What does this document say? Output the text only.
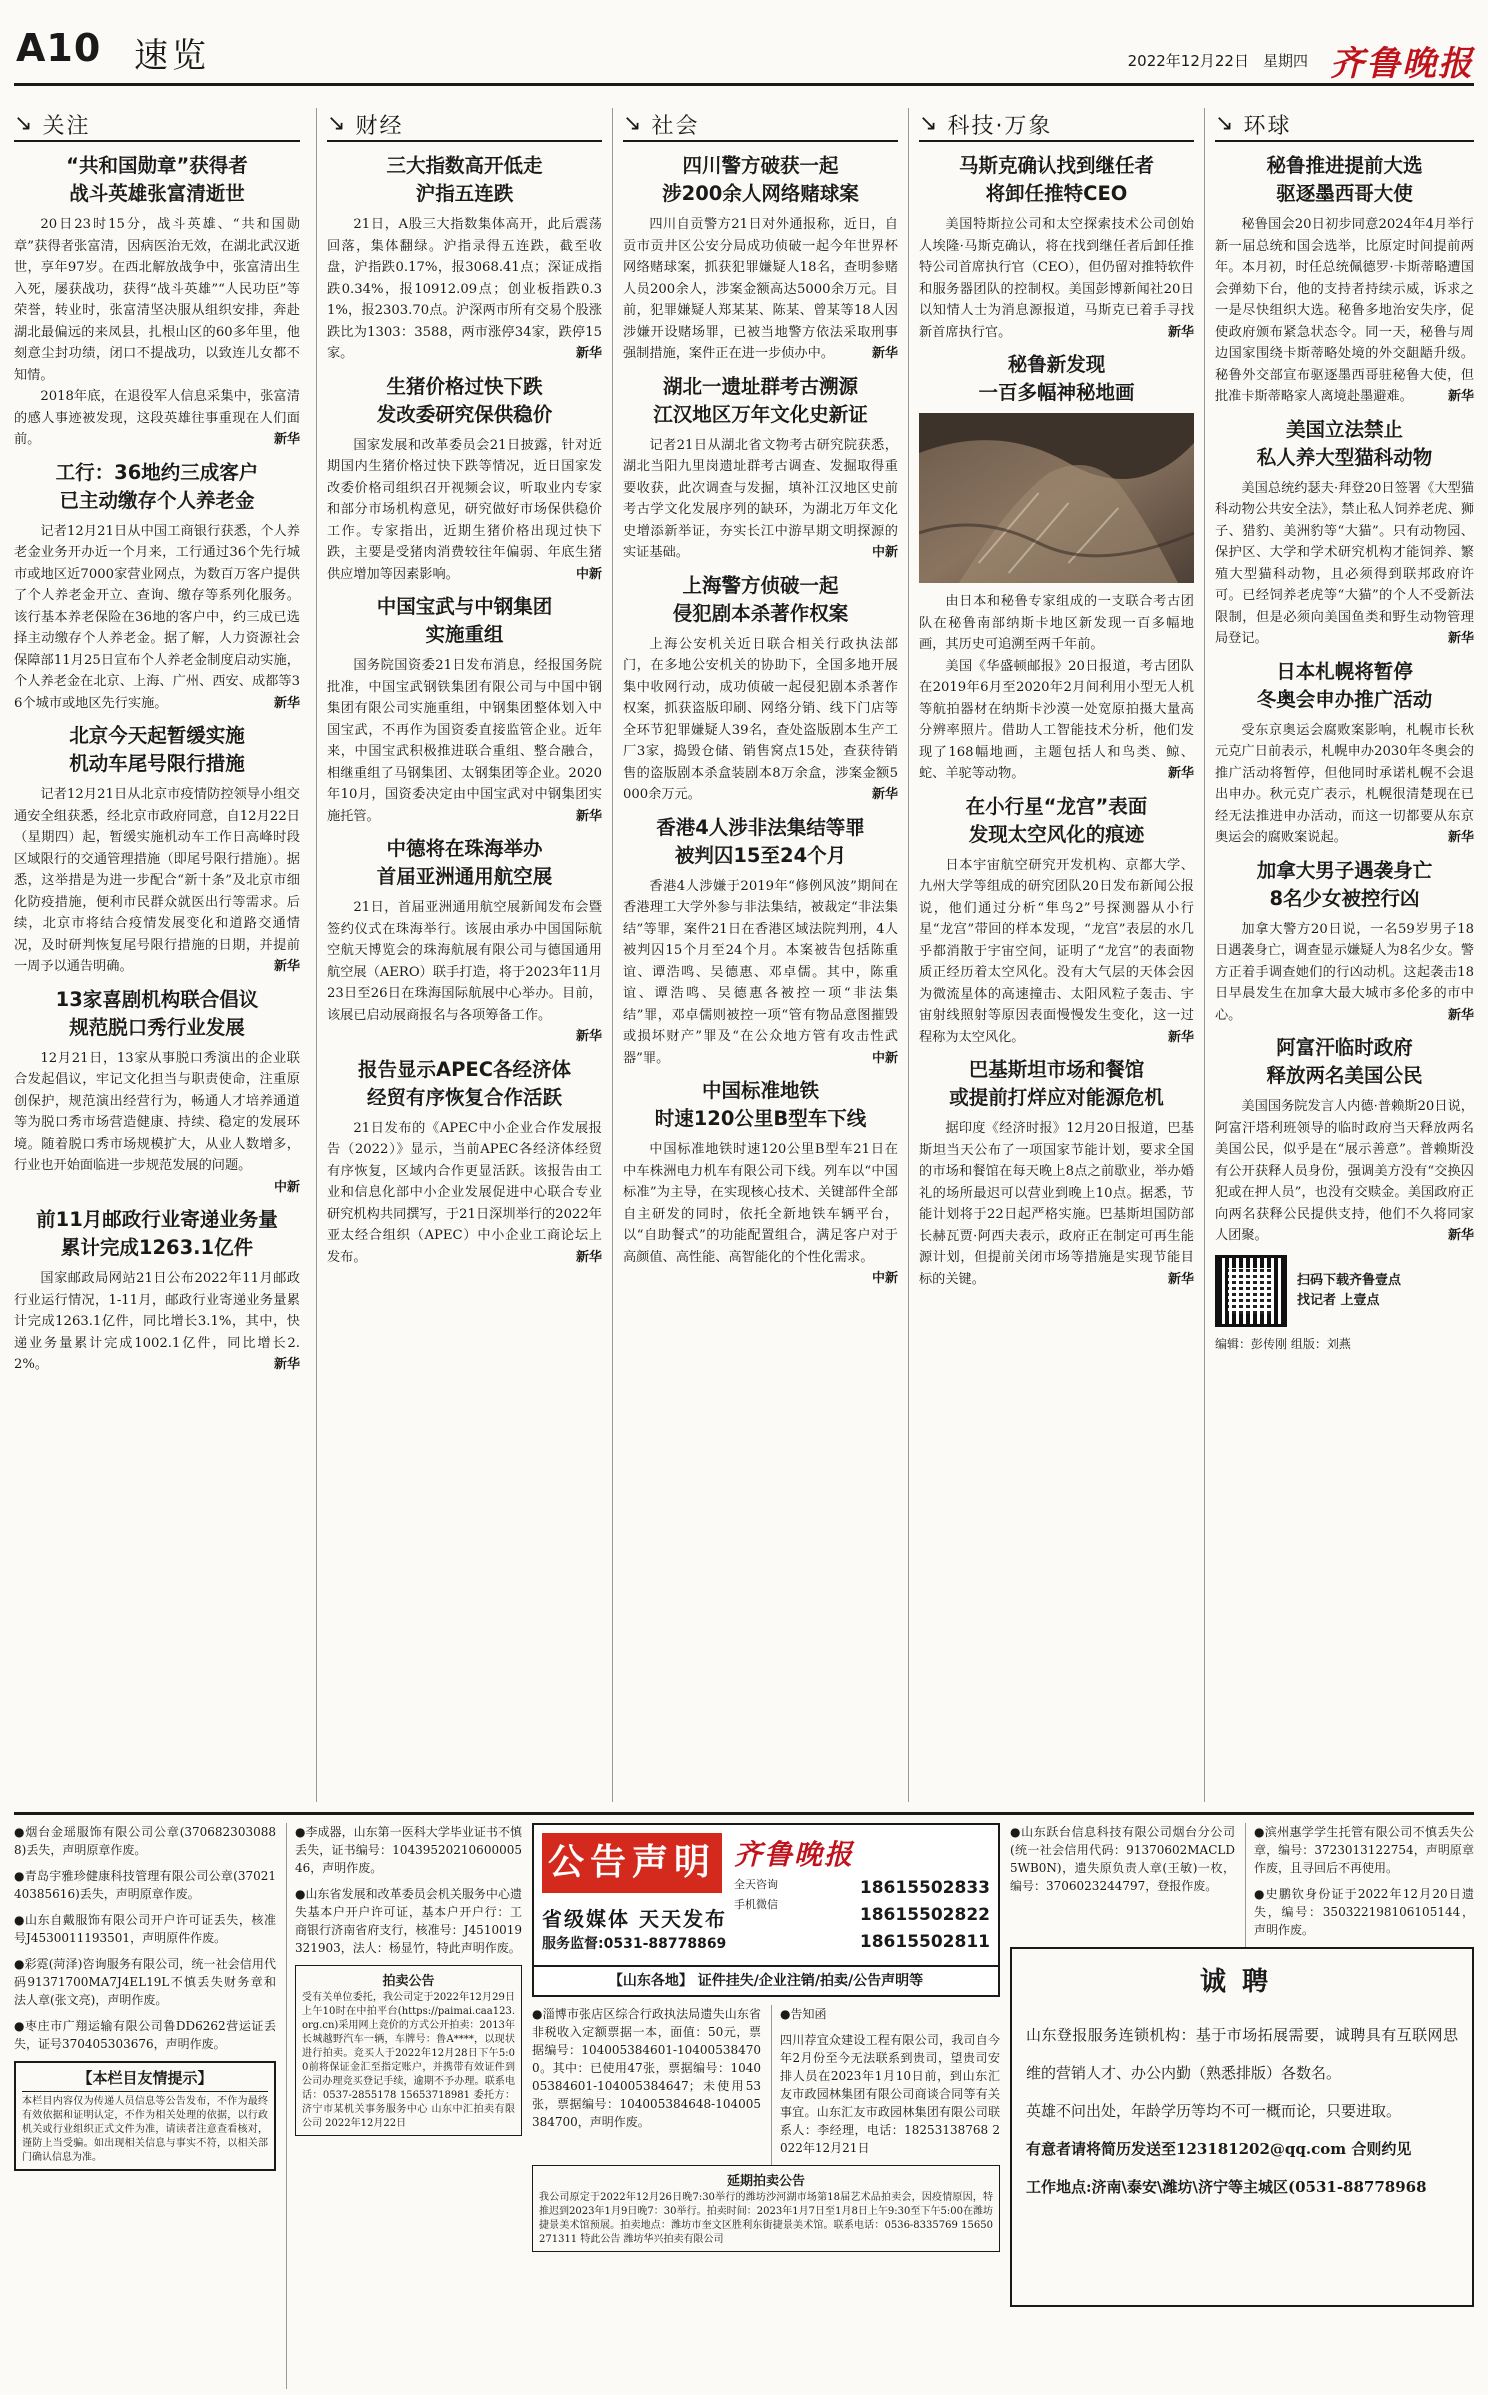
A10 速览	2022年12月22日 星期四 齐鲁晚报
↘ 关注
“共和国勋章”获得者
战斗英雄张富清逝世
20日23时15分，战斗英雄、“共和国勋章”获得者张富清，因病医治无效，在湖北武汉逝世，享年97岁。在西北解放战争中，张富清出生入死，屡获战功，获得“战斗英雄”“人民功臣”等荣誉，转业时，张富清坚决服从组织安排，奔赴湖北最偏远的来凤县，扎根山区的60多年里，他刻意尘封功绩，闭口不提战功，以致连儿女都不知情。
2018年底，在退役军人信息采集中，张富清的感人事迹被发现，这段英雄往事重现在人们面前。	新华
工行：36地约三成客户
已主动缴存个人养老金
记者12月21日从中国工商银行获悉，个人养老金业务开办近一个月来，工行通过36个先行城市或地区近7000家营业网点，为数百万客户提供了个人养老金开立、查询、缴存等系列化服务。该行基本养老保险在36地的客户中，约三成已选择主动缴存个人养老金。据了解，人力资源社会保障部11月25日宣布个人养老金制度启动实施，个人养老金在北京、上海、广州、西安、成都等36个城市或地区先行实施。	新华
北京今天起暂缓实施
机动车尾号限行措施
记者12月21日从北京市疫情防控领导小组交通安全组获悉，经北京市政府同意，自12月22日（星期四）起，暂缓实施机动车工作日高峰时段区域限行的交通管理措施（即尾号限行措施）。据悉，这举措是为进一步配合“新十条”及北京市细化防疫措施，便利市民群众就医出行等需求。后续，北京市将结合疫情发展变化和道路交通情况，及时研判恢复尾号限行措施的日期，并提前一周予以通告明确。	新华
13家喜剧机构联合倡议
规范脱口秀行业发展
12月21日，13家从事脱口秀演出的企业联合发起倡议，牢记文化担当与职责使命，注重原创保护，规范演出经营行为，畅通人才培养通道等为脱口秀市场营造健康、持续、稳定的发展环境。随着脱口秀市场规模扩大，从业人数增多，行业也开始面临进一步规范发展的问题。
中新
前11月邮政行业寄递业务量
累计完成1263.1亿件
国家邮政局网站21日公布2022年11月邮政行业运行情况，1-11月，邮政行业寄递业务量累计完成1263.1亿件，同比增长3.1%，其中，快递业务量累计完成1002.1亿件，同比增长2.2%。	新华
↘ 财经
三大指数高开低走
沪指五连跌
21日，A股三大指数集体高开，此后震荡回落，集体翻绿。沪指录得五连跌，截至收盘，沪指跌0.17%，报3068.41点；深证成指跌0.34%，报10912.09点；创业板指跌0.31%，报2303.70点。沪深两市所有交易个股涨跌比为1303：3588，两市涨停34家，跌停15家。	新华
生猪价格过快下跌
发改委研究保供稳价
国家发展和改革委员会21日披露，针对近期国内生猪价格过快下跌等情况，近日国家发改委价格司组织召开视频会议，听取业内专家和部分市场机构意见，研究做好市场保供稳价工作。专家指出，近期生猪价格出现过快下跌，主要是受猪肉消费较往年偏弱、年底生猪供应增加等因素影响。	中新
中国宝武与中钢集团
实施重组
国务院国资委21日发布消息，经报国务院批准，中国宝武钢铁集团有限公司与中国中钢集团有限公司实施重组，中钢集团整体划入中国宝武，不再作为国资委直接监管企业。近年来，中国宝武积极推进联合重组、整合融合，相继重组了马钢集团、太钢集团等企业。2020年10月，国资委决定由中国宝武对中钢集团实施托管。	新华
中德将在珠海举办
首届亚洲通用航空展
21日，首届亚洲通用航空展新闻发布会暨签约仪式在珠海举行。该展由承办中国国际航空航天博览会的珠海航展有限公司与德国通用航空展（AERO）联手打造，将于2023年11月23日至26日在珠海国际航展中心举办。目前，该展已启动展商报名与各项筹备工作。
新华
报告显示APEC各经济体
经贸有序恢复合作活跃
21日发布的《APEC中小企业合作发展报告（2022）》显示，当前APEC各经济体经贸有序恢复，区域内合作更显活跃。该报告由工业和信息化部中小企业发展促进中心联合专业研究机构共同撰写，于21日深圳举行的2022年亚太经合组织（APEC）中小企业工商论坛上发布。	新华
↘ 社会
四川警方破获一起
涉200余人网络赌球案
四川自贡警方21日对外通报称，近日，自贡市贡井区公安分局成功侦破一起今年世界杯网络赌球案，抓获犯罪嫌疑人18名，查明参赌人员200余人，涉案金额高达5000余万元。目前，犯罪嫌疑人郑某某、陈某、曾某等18人因涉嫌开设赌场罪，已被当地警方依法采取刑事强制措施，案件正在进一步侦办中。	新华
湖北一遗址群考古溯源
江汉地区万年文化史新证
记者21日从湖北省文物考古研究院获悉，湖北当阳九里岗遗址群考古调查、发掘取得重要收获，此次调查与发掘，填补江汉地区史前考古学文化发展序列的缺环，为湖北万年文化史增添新举证，夯实长江中游早期文明探源的实证基础。	中新
上海警方侦破一起
侵犯剧本杀著作权案
上海公安机关近日联合相关行政执法部门，在多地公安机关的协助下，全国多地开展集中收网行动，成功侦破一起侵犯剧本杀著作权案，抓获盗版印刷、网络分销、线下门店等全环节犯罪嫌疑人39名，查处盗版剧本生产工厂3家，捣毁仓储、销售窝点15处，查获待销售的盗版剧本杀盒装剧本8万余盒，涉案金额5000余万元。	新华
香港4人涉非法集结等罪
被判囚15至24个月
香港4人涉嫌于2019年“修例风波”期间在香港理工大学外参与非法集结，被裁定“非法集结”等罪，案件21日在香港区域法院判刑，4人被判囚15个月至24个月。本案被告包括陈重谊、谭浩鸣、吴德惠、邓卓儒。其中，陈重谊、谭浩鸣、吴德惠各被控一项“非法集结”罪，邓卓儒则被控一项“管有物品意图摧毁或损坏财产”罪及“在公众地方管有攻击性武器”罪。	中新
中国标准地铁
时速120公里B型车下线
中国标准地铁时速120公里B型车21日在中车株洲电力机车有限公司下线。列车以“中国标准”为主导，在实现核心技术、关键部件全部自主研发的同时，依托全新地铁车辆平台，以“自助餐式”的功能配置组合，满足客户对于高颜值、高性能、高智能化的个性化需求。
中新
↘ 科技·万象
马斯克确认找到继任者
将卸任推特CEO
美国特斯拉公司和太空探索技术公司创始人埃隆·马斯克确认，将在找到继任者后卸任推特公司首席执行官（CEO），但仍留对推特软件和服务器团队的控制权。美国彭博新闻社20日以知情人士为消息源报道，马斯克已着手寻找新首席执行官。	新华
秘鲁新发现
一百多幅神秘地画
由日本和秘鲁专家组成的一支联合考古团队在秘鲁南部纳斯卡地区新发现一百多幅地画，其历史可追溯至两千年前。
美国《华盛顿邮报》20日报道，考古团队在2019年6月至2020年2月间利用小型无人机等航拍器材在纳斯卡沙漠一处宽原拍摄大量高分辨率照片。借助人工智能技术分析，他们发现了168幅地画，主题包括人和鸟类、鲸、蛇、羊驼等动物。	新华
在小行星“龙宫”表面
发现太空风化的痕迹
日本宇宙航空研究开发机构、京都大学、九州大学等组成的研究团队20日发布新闻公报说，他们通过分析“隼鸟2”号探测器从小行星“龙宫”带回的样本发现，“龙宫”表层的水几乎都消散于宇宙空间，证明了“龙宫”的表面物质正经历着太空风化。没有大气层的天体会因为微流星体的高速撞击、太阳风粒子轰击、宇宙射线照射等原因表面慢慢发生变化，这一过程称为太空风化。	新华
巴基斯坦市场和餐馆
或提前打烊应对能源危机
据印度《经济时报》12月20日报道，巴基斯坦当天公布了一项国家节能计划，要求全国的市场和餐馆在每天晚上8点之前歇业，举办婚礼的场所最迟可以营业到晚上10点。据悉，节能计划将于22日起严格实施。巴基斯坦国防部长赫瓦贾·阿西夫表示，政府正在制定可再生能源计划，但提前关闭市场等措施是实现节能目标的关键。	新华
↘ 环球
秘鲁推进提前大选
驱逐墨西哥大使
秘鲁国会20日初步同意2024年4月举行新一届总统和国会选举，比原定时间提前两年。本月初，时任总统佩德罗·卡斯蒂略遭国会弹劾下台，他的支持者持续示威，诉求之一是尽快组织大选。秘鲁多地治安失序，促使政府颁布紧急状态令。同一天，秘鲁与周边国家围绕卡斯蒂略处境的外交龃龉升级。秘鲁外交部宣布驱逐墨西哥驻秘鲁大使，但批准卡斯蒂略家人离境赴墨避难。	新华
美国立法禁止
私人养大型猫科动物
美国总统约瑟夫·拜登20日签署《大型猫科动物公共安全法》，禁止私人饲养老虎、狮子、猎豹、美洲豹等“大猫”。只有动物园、保护区、大学和学术研究机构才能饲养、繁殖大型猫科动物，且必须得到联邦政府许可。已经饲养老虎等“大猫”的个人不受新法限制，但是必须向美国鱼类和野生动物管理局登记。	新华
日本札幌将暂停
冬奥会申办推广活动
受东京奥运会腐败案影响，札幌市长秋元克广日前表示，札幌申办2030年冬奥会的推广活动将暂停，但他同时承诺札幌不会退出申办。秋元克广表示，札幌很清楚现在已经无法推进申办活动，而这一切都要从东京奥运会的腐败案说起。	新华
加拿大男子遇袭身亡
8名少女被控行凶
加拿大警方20日说，一名59岁男子18日遇袭身亡，调查显示嫌疑人为8名少女。警方正着手调查她们的行凶动机。这起袭击18日早晨发生在加拿大最大城市多伦多的市中心。	新华
阿富汗临时政府
释放两名美国公民
美国国务院发言人内德·普赖斯20日说，阿富汗塔利班领导的临时政府当天释放两名美国公民，似乎是在“展示善意”。普赖斯没有公开获释人员身份，强调美方没有“交换囚犯或在押人员”，也没有交赎金。美国政府正向两名获释公民提供支持，他们不久将同家人团聚。	新华
扫码下载齐鲁壹点
找记者 上壹点
编辑：彭传刚 组版：刘燕
●烟台金瑶服饰有限公司公章(3706823030888)丢失，声明原章作废。
●青岛宇雅珍健康科技管理有限公司公章(3702140385616)丢失，声明原章作废。
●山东自戴服饰有限公司开户许可证丢失，核准号J4530011193501，声明原件作废。
●彩霓(菏泽)咨询服务有限公司，统一社会信用代码91371700MA7J4EL19L不慎丢失财务章和法人章(张文亮)，声明作废。
●枣庄市广翔运输有限公司鲁DD6262营运证丢失，证号370405303676，声明作废。
【本栏目友情提示】
本栏目内容仅为传递人员信息等公告发布，不作为最终有效依据和证明认定，不作为相关处理的依据，以行政机关或行业组织正式文件为准，请读者注意查看核对，谨防上当受骗。如出现相关信息与事实不符，以相关部门确认信息为准。
●李成器，山东第一医科大学毕业证书不慎丢失，证书编号：1043952021060000546，声明作废。
●山东省发展和改革委员会机关服务中心遗失基本户开户许可证，基本户开户行：工商银行济南省府支行，核准号：J4510019321903，法人：杨显竹，特此声明作废。
拍卖公告
受有关单位委托，我公司定于2022年12月29日上午10时在中拍平台(https://paimai.caa123.org.cn)采用网上竞价的方式公开拍卖：2013年长城越野汽车一辆，车牌号：鲁A****，以现状进行拍卖。竞买人于2022年12月28日下午5:00前将保证金汇至指定账户，并携带有效证件到公司办理竞买登记手续，逾期不予办理。联系电话：0537-2855178 15653718981 委托方：济宁市某机关事务服务中心 山东中汇拍卖有限公司 2022年12月22日
公告声明 齐鲁晚报
省级媒体 天天发布
服务监督:0531-88778869
全天咨询
手机微信
18615502833
18615502822
18615502811
【山东各地】 证件挂失/企业注销/拍卖/公告声明等
●淄博市张店区综合行政执法局遗失山东省非税收入定额票据一本，面值：50元，票据编号：104005384601-104005384700。其中：已使用47张，票据编号：104005384601-104005384647；未使用53张，票据编号：104005384648-104005384700，声明作废。
●告知函
四川荐宜众建设工程有限公司，我司自今年2月份至今无法联系到贵司，望贵司安排人员在2023年1月10日前，到山东汇友市政园林集团有限公司商谈合同等有关事宜。山东汇友市政园林集团有限公司联系人：李经理，电话：18253138768 2022年12月21日
延期拍卖公告
我公司原定于2022年12月26日晚7:30举行的潍坊沙河湖市场第18届艺术品拍卖会，因疫情原因，特推迟到2023年1月9日晚7：30举行。拍卖时间：2023年1月7日至1月8日上午9:30至下午5:00在潍坊捷景美术馆预展。拍卖地点：潍坊市奎文区胜利东街捷景美术馆。联系电话：0536-8335769 15650271311 特此公告 潍坊华兴拍卖有限公司
●山东跃台信息科技有限公司烟台分公司(统一社会信用代码：91370602MACLD5WB0N)，遗失原负责人章(王敏)一枚，编号：3706023244797，登报作废。
●滨州惠学学生托管有限公司不慎丢失公章，编号：3723013122754，声明原章作废，且寻回后不再使用。
●史鹏钦身份证于2022年12月20日遗失，编号：350322198106105144，声明作废。
诚聘

山东登报服务连锁机构：基于市场拓展需要，诚聘具有互联网思维的营销人才、办公内勤（熟悉排版）各数名。

英雄不问出处，年龄学历等均不可一概而论，只要进取。

有意者请将简历发送至123181202@qq.com 合则约见

工作地点:济南\泰安\潍坊\济宁等主城区(0531-88778968
